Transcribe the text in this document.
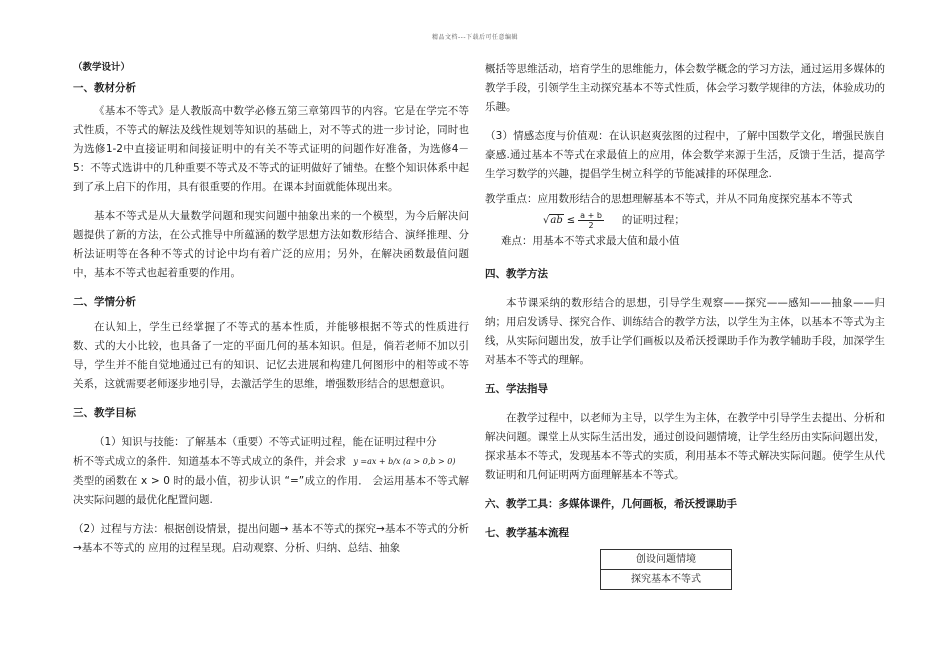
精品文档---下载后可任意编辑

（教学设计）

一、教材分析

《基本不等式》是人教版高中数学必修五第三章第四节的内容。它是在学完不等式性质，不等式的解法及线性规划等知识的基础上，对不等式的进一步讨论，同时也为选修1-2中直接证明和间接证明中的有关不等式证明的问题作好准备，为选修4－5：不等式选讲中的几种重要不等式及不等式的证明做好了铺垫。在整个知识体系中起到了承上启下的作用，具有很重要的作用。在课本封面就能体现出来。

基本不等式是从大量数学问题和现实问题中抽象出来的一个模型，为今后解决问题提供了新的方法，在公式推导中所蕴涵的数学思想方法如数形结合、演绎推理、分析法证明等在各种不等式的讨论中均有着广泛的应用；另外，在解决函数最值问题中，基本不等式也起着重要的作用。

二、学情分析

在认知上，学生已经掌握了不等式的基本性质，并能够根据不等式的性质进行数、式的大小比较，也具备了一定的平面几何的基本知识。但是，倘若老师不加以引导，学生并不能自觉地通过已有的知识、记忆去进展和构建几何图形中的相等或不等关系，这就需要老师逐步地引导，去激活学生的思维，增强数形结合的思想意识。

三、教学目标

（1）知识与技能：了解基本（重要）不等式证明过程，能在证明过程中分

析不等式成立的条件．知道基本不等式成立的条件，并会求 y =ax + b/x (a > 0,b > 0)

类型的函数在 x > 0 时的最小值，初步认识 “=”成立的作用． 会运用基本不等式解决实际问题的最优化配置问题.

（2）过程与方法：根据创设情景，提出问题→ 基本不等式的探究→基本不等式的分析→基本不等式的 应用的过程呈现。启动观察、分析、归纳、总结、抽象

概括等思维活动，培育学生的思维能力，体会数学概念的学习方法，通过运用多媒体的教学手段，引领学生主动探究基本不等式性质，体会学习数学规律的方法，体验成功的乐趣。

（3）情感态度与价值观：在认识赵爽弦图的过程中，了解中国数学文化，增强民族自豪感.通过基本不等式在求最值上的应用，体会数学来源于生活，反馈于生活，提高学生学习数学的兴趣，提倡学生树立科学的节能减排的环保理念.

教学重点：应用数形结合的思想理解基本不等式，并从不同角度探究基本不等式

$√ab \le \frac{a + b}{2}$ 的证明过程；

难点：用基本不等式求最大值和最小值

四、教学方法

本节课采纳的数形结合的思想，引导学生观察——探究——感知——抽象——归纳；用启发诱导、探究合作、训练结合的教学方法，以学生为主体，以基本不等式为主线，从实际问题出发，放手让学们画板以及希沃授课助手作为教学辅助手段，加深学生对基本不等式的理解。

五、学法指导

在教学过程中，以老师为主导，以学生为主体，在教学中引导学生去提出、分析和解决问题。课堂上从实际生活出发，通过创设问题情境，让学生经历由实际问题出发，探求基本不等式，发现基本不等式的实质，利用基本不等式解决实际问题。使学生从代数证明和几何证明两方面理解基本不等式。

六、教学工具：多媒体课件，几何画板，希沃授课助手

七、教学基本流程

创设问题情境
探究基本不等式
